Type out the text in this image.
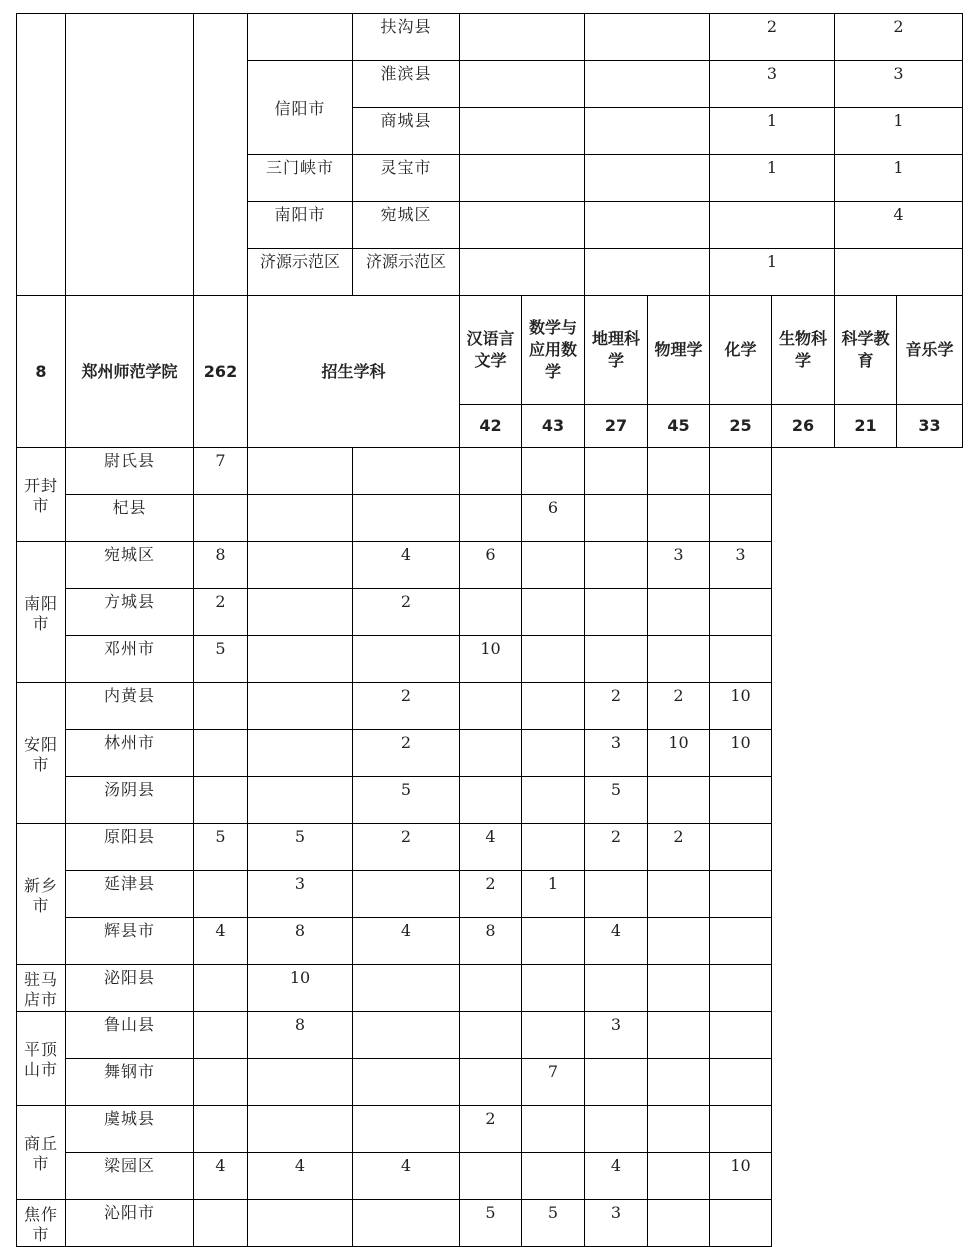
				扶沟县					2		2	
			信阳市	淮滨县					3		3	
				商城县					1		1	
			三门峡市	灵宝市					1		1	
			南阳市	宛城区							4	
			济源示范区	济源示范区					1			
8	郑州师范学院	262	招生学科		汉语言文学	数学与应用数学	地理科学	物理学	化学	生物科学	科学教育	音乐学
					42	43	27	45	25	26	21	33
开封市	尉氏县	7										
	杞县					6						
南阳市	宛城区	8		4	6			3	3			
	方城县	2		2								
	邓州市	5			10							
安阳市	内黄县			2			2	2	10			
	林州市			2			3	10	10			
	汤阴县			5			5					
新乡市	原阳县	5	5	2	4		2	2				
	延津县		3		2	1						
	辉县市	4	8	4	8		4					
驻马店市	泌阳县		10									
平顶山市	鲁山县		8				3					
	舞钢市					7						
商丘市	虞城县				2							
	梁园区	4	4	4			4		10			
焦作市	沁阳市				5	5	3					
